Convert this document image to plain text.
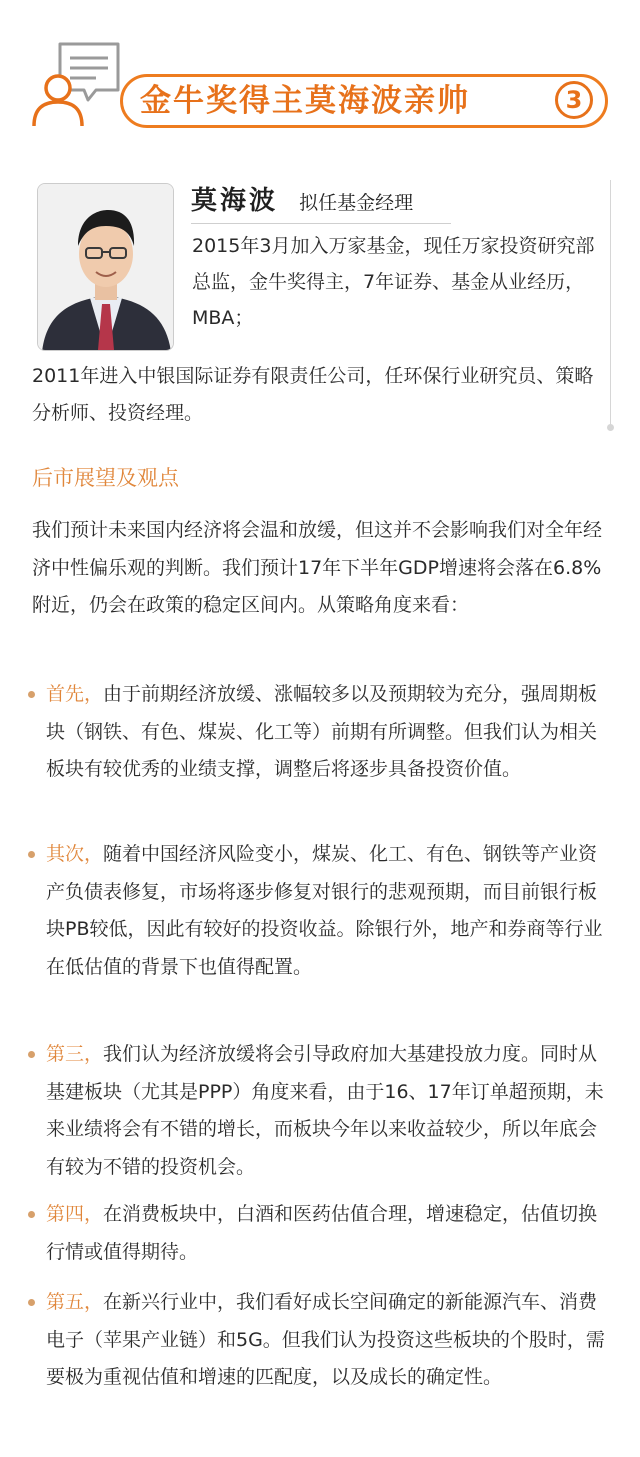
金牛奖得主莫海波亲帅	3
莫海波 拟任基金经理
2015年3月加入万家基金，现任万家投资研究部总监，金牛奖得主，7年证券、基金从业经历，MBA；
2011年进入中银国际证券有限责任公司，任环保行业研究员、策略分析师、投资经理。
后市展望及观点
我们预计未来国内经济将会温和放缓，但这并不会影响我们对全年经济中性偏乐观的判断。我们预计17年下半年GDP增速将会落在6.8%附近，仍会在政策的稳定区间内。从策略角度来看：
首先，由于前期经济放缓、涨幅较多以及预期较为充分，强周期板块（钢铁、有色、煤炭、化工等）前期有所调整。但我们认为相关板块有较优秀的业绩支撑，调整后将逐步具备投资价值。
其次，随着中国经济风险变小，煤炭、化工、有色、钢铁等产业资产负债表修复，市场将逐步修复对银行的悲观预期，而目前银行板块PB较低，因此有较好的投资收益。除银行外，地产和券商等行业在低估值的背景下也值得配置。
第三，我们认为经济放缓将会引导政府加大基建投放力度。同时从基建板块（尤其是PPP）角度来看，由于16、17年订单超预期，未来业绩将会有不错的增长，而板块今年以来收益较少，所以年底会有较为不错的投资机会。
第四，在消费板块中，白酒和医药估值合理，增速稳定，估值切换行情或值得期待。
第五，在新兴行业中，我们看好成长空间确定的新能源汽车、消费电子（苹果产业链）和5G。但我们认为投资这些板块的个股时，需要极为重视估值和增速的匹配度，以及成长的确定性。
